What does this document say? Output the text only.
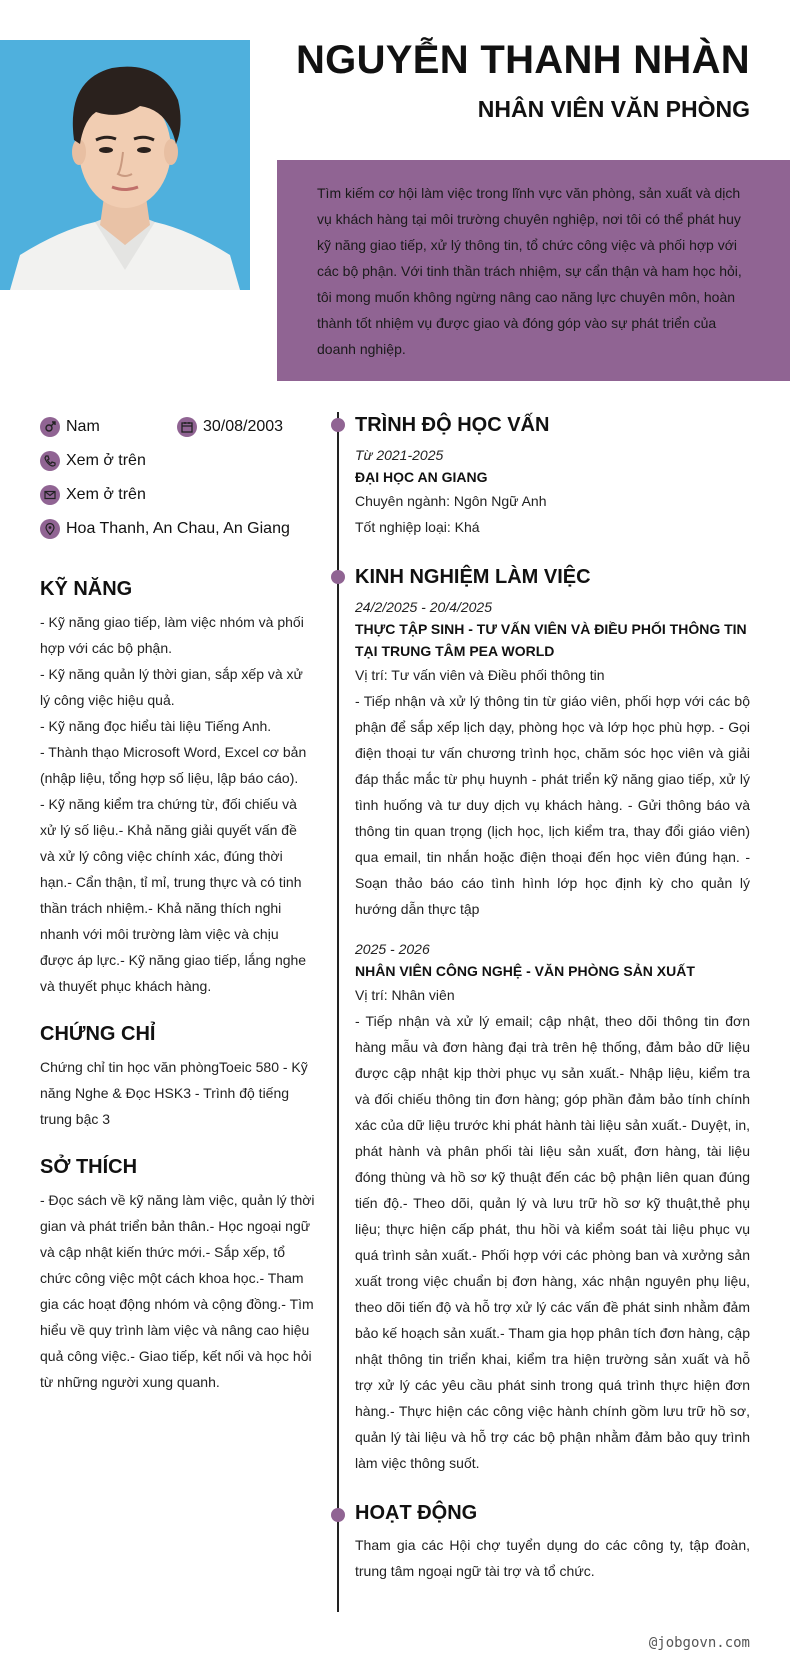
NGUYỄN THANH NHÀN
NHÂN VIÊN VĂN PHÒNG

Tìm kiếm cơ hội làm việc trong lĩnh vực văn phòng, sản xuất và dịch vụ khách hàng tại môi trường chuyên nghiệp, nơi tôi có thể phát huy kỹ năng giao tiếp, xử lý thông tin, tổ chức công việc và phối hợp với các bộ phận. Với tinh thần trách nhiệm, sự cẩn thận và ham học hỏi, tôi mong muốn không ngừng nâng cao năng lực chuyên môn, hoàn thành tốt nhiệm vụ được giao và đóng góp vào sự phát triển của doanh nghiệp.

Nam	30/08/2003
Xem ở trên
Xem ở trên
Hoa Thanh, An Chau, An Giang
KỸ NĂNG
- Kỹ năng giao tiếp, làm việc nhóm và phối hợp với các bộ phận.
- Kỹ năng quản lý thời gian, sắp xếp và xử lý công việc hiệu quả.
- Kỹ năng đọc hiểu tài liệu Tiếng Anh.
- Thành thạo Microsoft Word, Excel cơ bản (nhập liệu, tổng hợp số liệu, lập báo cáo).
- Kỹ năng kiểm tra chứng từ, đối chiếu và xử lý số liệu.- Khả năng giải quyết vấn đề và xử lý công việc chính xác, đúng thời hạn.- Cẩn thận, tỉ mỉ, trung thực và có tinh thần trách nhiệm.- Khả năng thích nghi nhanh với môi trường làm việc và chịu được áp lực.- Kỹ năng giao tiếp, lắng nghe và thuyết phục khách hàng.
CHỨNG CHỈ
Chứng chỉ tin học văn phòngToeic 580 - Kỹ năng Nghe & Đọc HSK3 - Trình độ tiếng trung bậc 3
SỞ THÍCH
- Đọc sách về kỹ năng làm việc, quản lý thời gian và phát triển bản thân.- Học ngoại ngữ và cập nhật kiến thức mới.- Sắp xếp, tổ chức công việc một cách khoa học.- Tham gia các hoạt động nhóm và cộng đồng.- Tìm hiểu về quy trình làm việc và nâng cao hiệu quả công việc.- Giao tiếp, kết nối và học hỏi từ những người xung quanh.
TRÌNH ĐỘ HỌC VẤN
Từ 2021-2025
ĐẠI HỌC AN GIANG
Chuyên ngành: Ngôn Ngữ Anh
Tốt nghiệp loại: Khá
KINH NGHIỆM LÀM VIỆC
24/2/2025 - 20/4/2025
THỰC TẬP SINH - TƯ VẤN VIÊN VÀ ĐIỀU PHỐI THÔNG TIN TẠI TRUNG TÂM PEA WORLD
Vị trí: Tư vấn viên và Điều phối thông tin
- Tiếp nhận và xử lý thông tin từ giáo viên, phối hợp với các bộ phận để sắp xếp lịch dạy, phòng học và lớp học phù hợp. - Gọi điện thoại tư vấn chương trình học, chăm sóc học viên và giải đáp thắc mắc từ phụ huynh - phát triển kỹ năng giao tiếp, xử lý tình huống và tư duy dịch vụ khách hàng. - Gửi thông báo và thông tin quan trọng (lịch học, lịch kiểm tra, thay đổi giáo viên) qua email, tin nhắn hoặc điện thoại đến học viên đúng hạn. - Soạn thảo báo cáo tình hình lớp học định kỳ cho quản lý hướng dẫn thực tập
2025 - 2026
NHÂN VIÊN CÔNG NGHỆ - VĂN PHÒNG SẢN XUẤT
Vị trí: Nhân viên
- Tiếp nhận và xử lý email; cập nhật, theo dõi thông tin đơn hàng mẫu và đơn hàng đại trà trên hệ thống, đảm bảo dữ liệu được cập nhật kịp thời phục vụ sản xuất.- Nhập liệu, kiểm tra và đối chiếu thông tin đơn hàng; góp phần đảm bảo tính chính xác của dữ liệu trước khi phát hành tài liệu sản xuất.- Duyệt, in, phát hành và phân phối tài liệu sản xuất, đơn hàng, tài liệu đóng thùng và hồ sơ kỹ thuật đến các bộ phận liên quan đúng tiến độ.- Theo dõi, quản lý và lưu trữ hồ sơ kỹ thuật,thẻ phụ liệu; thực hiện cấp phát, thu hồi và kiểm soát tài liệu phục vụ quá trình sản xuất.- Phối hợp với các phòng ban và xưởng sản xuất trong việc chuẩn bị đơn hàng, xác nhận nguyên phụ liệu, theo dõi tiến độ và hỗ trợ xử lý các vấn đề phát sinh nhằm đảm bảo kế hoạch sản xuất.- Tham gia họp phân tích đơn hàng, cập nhật thông tin triển khai, kiểm tra hiện trường sản xuất và hỗ trợ xử lý các yêu cầu phát sinh trong quá trình thực hiện đơn hàng.- Thực hiện các công việc hành chính gồm lưu trữ hồ sơ, quản lý tài liệu và hỗ trợ các bộ phận nhằm đảm bảo quy trình làm việc thông suốt.
HOẠT ĐỘNG
Tham gia các Hội chợ tuyển dụng do các công ty, tập đoàn, trung tâm ngoại ngữ tài trợ và tổ chức.
@jobgovn.com
